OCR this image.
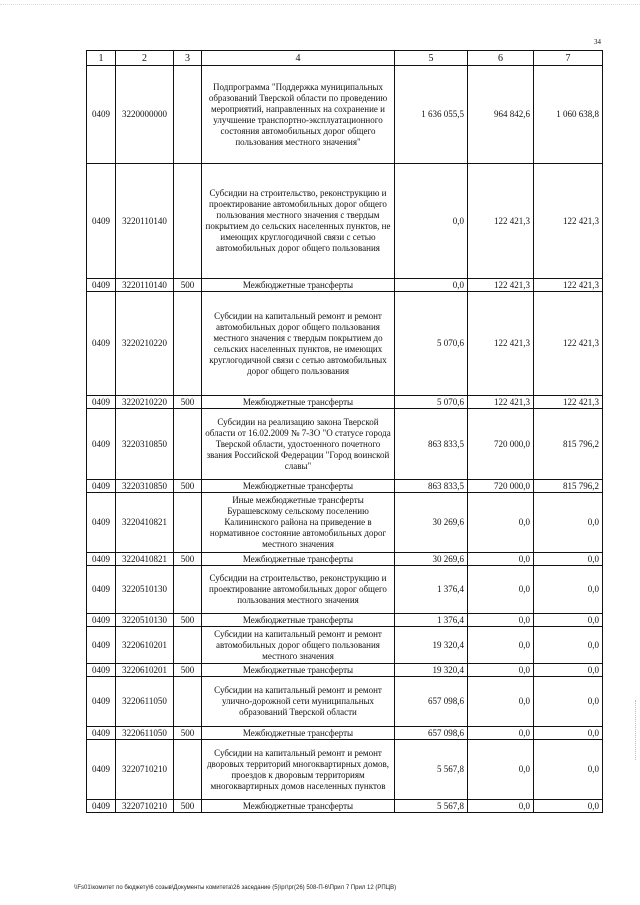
34
1	2	3	4	5	6	7
0409	3220000000		Подпрограмма "Поддержка муниципальных образований Тверской области по проведению мероприятий, направленных на сохранение и улучшение транспортно-эксплуатационного состояния автомобильных дорог общего пользования местного значения"	1 636 055,5	964 842,6	1 060 638,8
0409	3220110140		Субсидии на строительство, реконструкцию и проектирование автомобильных дорог общего пользования местного значения с твердым покрытием до сельских населенных пунктов, не имеющих круглогодичной связи с сетью автомобильных дорог общего пользования	0,0	122 421,3	122 421,3
0409	3220110140	500	Межбюджетные трансферты	0,0	122 421,3	122 421,3
0409	3220210220		Субсидии на капитальный ремонт и ремонт автомобильных дорог общего пользования местного значения с твердым покрытием до сельских населенных пунктов, не имеющих круглогодичной связи с сетью автомобильных дорог общего пользования	5 070,6	122 421,3	122 421,3
0409	3220210220	500	Межбюджетные трансферты	5 070,6	122 421,3	122 421,3
0409	3220310850		Субсидии на реализацию закона Тверской области от 16.02.2009 № 7-ЗО "О статусе города Тверской области, удостоенного почетного звания Российской Федерации "Город воинской славы"	863 833,5	720 000,0	815 796,2
0409	3220310850	500	Межбюджетные трансферты	863 833,5	720 000,0	815 796,2
0409	3220410821		Иные межбюджетные трансферты Бурашевскому сельскому поселению Калининского района на приведение в нормативное состояние автомобильных дорог местного значения	30 269,6	0,0	0,0
0409	3220410821	500	Межбюджетные трансферты	30 269,6	0,0	0,0
0409	3220510130		Субсидии на строительство, реконструкцию и проектирование автомобильных дорог общего пользования местного значения	1 376,4	0,0	0,0
0409	3220510130	500	Межбюджетные трансферты	1 376,4	0,0	0,0
0409	3220610201		Субсидии на капитальный ремонт и ремонт автомобильных дорог общего пользования местного значения	19 320,4	0,0	0,0
0409	3220610201	500	Межбюджетные трансферты	19 320,4	0,0	0,0
0409	3220611050		Субсидии на капитальный ремонт и ремонт улично-дорожной сети муниципальных образований Тверской области	657 098,6	0,0	0,0
0409	3220611050	500	Межбюджетные трансферты	657 098,6	0,0	0,0
0409	3220710210		Субсидии на капитальный ремонт и ремонт дворовых территорий многоквартирных домов, проездов к дворовым территориям многоквартирных домов населенных пунктов	5 567,8	0,0	0,0
0409	3220710210	500	Межбюджетные трансферты	5 567,8	0,0	0,0
\\Fs01\комитет по бюджету\6 созыв\Документы комитета\26 заседание (5)\рг\рг(26) 508-П-6\Прил 7 Прил 12 (РПЦВ)
